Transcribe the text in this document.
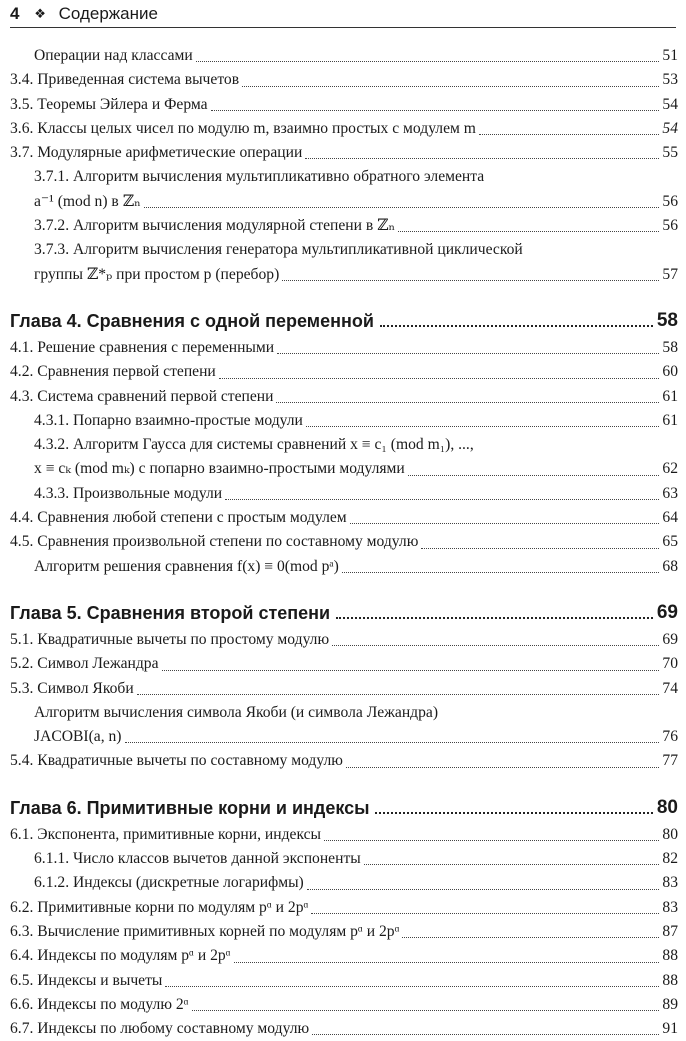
4 ❖ Содержание
Операции над классами	51
3.4. Приведенная система вычетов	53
3.5. Теоремы Эйлера и Ферма	54
3.6. Классы целых чисел по модулю m, взаимно простых с модулем m	54
3.7. Модулярные арифметические операции	55
3.7.1. Алгоритм вычисления мультипликативно обратного элемента
a⁻¹ (mod n) в ℤₙ	56
3.7.2. Алгоритм вычисления модулярной степени в ℤₙ	56
3.7.3. Алгоритм вычисления генератора мультипликативной циклической
группы ℤ*ₚ при простом p (перебор)	57
Глава 4. Сравнения с одной переменной	58
4.1. Решение сравнения с переменными	58
4.2. Сравнения первой степени	60
4.3. Система сравнений первой степени	61
4.3.1. Попарно взаимно-простые модули	61
4.3.2. Алгоритм Гаусса для системы сравнений x ≡ c₁ (mod m₁), ...,
x ≡ cₖ (mod mₖ) с попарно взаимно-простыми модулями	62
4.3.3. Произвольные модули	63
4.4. Сравнения любой степени с простым модулем	64
4.5. Сравнения произвольной степени по составному модулю	65
Алгоритм решения сравнения f(x) ≡ 0(mod pᵃ)	68
Глава 5. Сравнения второй степени	69
5.1. Квадратичные вычеты по простому модулю	69
5.2. Символ Лежандра	70
5.3. Символ Якоби	74
Алгоритм вычисления символа Якоби (и символа Лежандра)
JACOBI(a, n)	76
5.4. Квадратичные вычеты по составному модулю	77
Глава 6. Примитивные корни и индексы	80
6.1. Экспонента, примитивные корни, индексы	80
6.1.1. Число классов вычетов данной экспоненты	82
6.1.2. Индексы (дискретные логарифмы)	83
6.2. Примитивные корни по модулям pᵅ и 2pᵅ	83
6.3. Вычисление примитивных корней по модулям pᵅ и 2pᵅ	87
6.4. Индексы по модулям pᵅ и 2pᵅ	88
6.5. Индексы и вычеты	88
6.6. Индексы по модулю 2ᵅ	89
6.7. Индексы по любому составному модулю	91
